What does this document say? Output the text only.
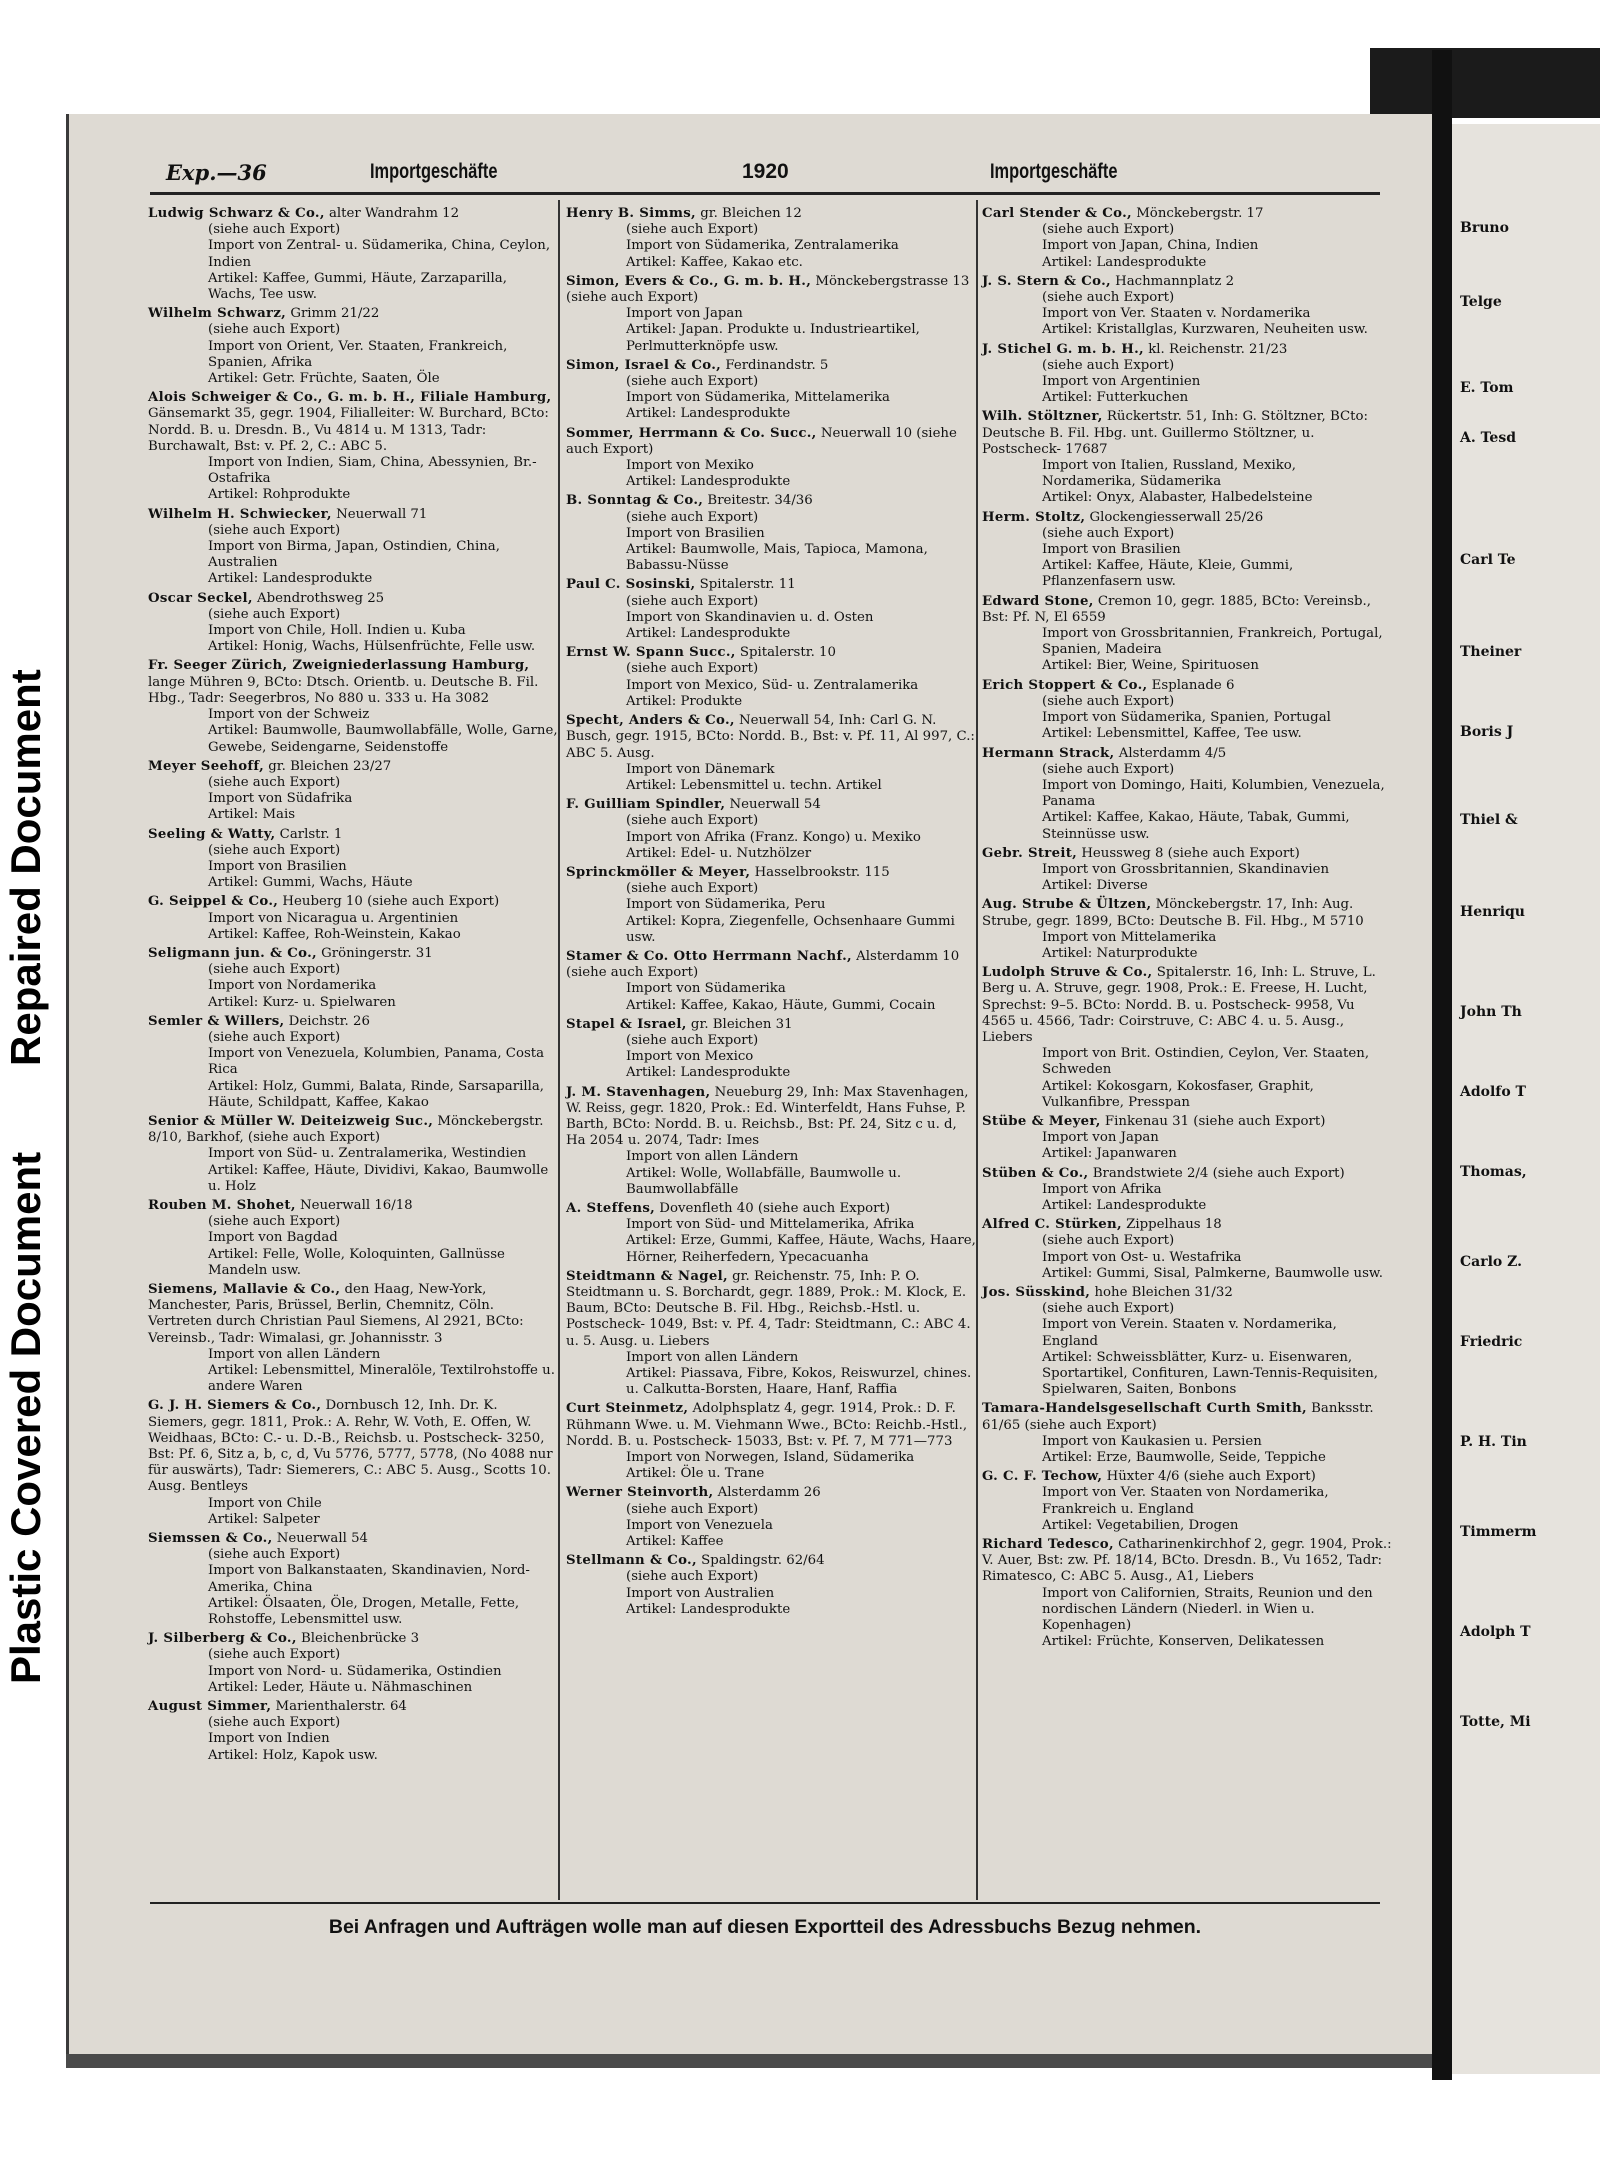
Repaired Document
Plastic Covered Document
Exp.—36	Importgeschäfte	1920	Importgeschäfte
Ludwig Schwarz & Co., alter Wandrahm 12
(siehe auch Export)
Import von Zentral- u. Südamerika, China, Ceylon, Indien
Artikel: Kaffee, Gummi, Häute, Zarzaparilla, Wachs, Tee usw.
Wilhelm Schwarz, Grimm 21/22
(siehe auch Export)
Import von Orient, Ver. Staaten, Frankreich, Spanien, Afrika
Artikel: Getr. Früchte, Saaten, Öle
Alois Schweiger & Co., G. m. b. H., Filiale Hamburg, Gänsemarkt 35, gegr. 1904, Filialleiter: W. Burchard, BCto: Nordd. B. u. Dresdn. B., Vu 4814 u. M 1313, Tadr: Burchawalt, Bst: v. Pf. 2, C.: ABC 5.
Import von Indien, Siam, China, Abessynien, Br.-Ostafrika
Artikel: Rohprodukte
Wilhelm H. Schwiecker, Neuerwall 71
(siehe auch Export)
Import von Birma, Japan, Ostindien, China, Australien
Artikel: Landesprodukte
Oscar Seckel, Abendrothsweg 25
(siehe auch Export)
Import von Chile, Holl. Indien u. Kuba
Artikel: Honig, Wachs, Hülsenfrüchte, Felle usw.
Fr. Seeger Zürich, Zweigniederlassung Hamburg, lange Mühren 9, BCto: Dtsch. Orientb. u. Deutsche B. Fil. Hbg., Tadr: Seegerbros, No 880 u. 333 u. Ha 3082
Import von der Schweiz
Artikel: Baumwolle, Baumwollabfälle, Wolle, Garne, Gewebe, Seidengarne, Seidenstoffe
Meyer Seehoff, gr. Bleichen 23/27
(siehe auch Export)
Import von Südafrika
Artikel: Mais
Seeling & Watty, Carlstr. 1
(siehe auch Export)
Import von Brasilien
Artikel: Gummi, Wachs, Häute
G. Seippel & Co., Heuberg 10 (siehe auch Export)
Import von Nicaragua u. Argentinien
Artikel: Kaffee, Roh-Weinstein, Kakao
Seligmann jun. & Co., Gröningerstr. 31
(siehe auch Export)
Import von Nordamerika
Artikel: Kurz- u. Spielwaren
Semler & Willers, Deichstr. 26
(siehe auch Export)
Import von Venezuela, Kolumbien, Panama, Costa Rica
Artikel: Holz, Gummi, Balata, Rinde, Sarsaparilla, Häute, Schildpatt, Kaffee, Kakao
Senior & Müller W. Deiteizweig Suc., Mönckebergstr. 8/10, Barkhof, (siehe auch Export)
Import von Süd- u. Zentralamerika, Westindien
Artikel: Kaffee, Häute, Dividivi, Kakao, Baumwolle u. Holz
Rouben M. Shohet, Neuerwall 16/18
(siehe auch Export)
Import von Bagdad
Artikel: Felle, Wolle, Koloquinten, Gallnüsse Mandeln usw.
Siemens, Mallavie & Co., den Haag, New-York, Manchester, Paris, Brüssel, Berlin, Chemnitz, Cöln. Vertreten durch Christian Paul Siemens, Al 2921, BCto: Vereinsb., Tadr: Wimalasi, gr. Johannisstr. 3
Import von allen Ländern
Artikel: Lebensmittel, Mineralöle, Textilrohstoffe u. andere Waren
G. J. H. Siemers & Co., Dornbusch 12, Inh. Dr. K. Siemers, gegr. 1811, Prok.: A. Rehr, W. Voth, E. Offen, W. Weidhaas, BCto: C.- u. D.-B., Reichsb. u. Postscheck- 3250, Bst: Pf. 6, Sitz a, b, c, d, Vu 5776, 5777, 5778, (No 4088 nur für auswärts), Tadr: Siemerers, C.: ABC 5. Ausg., Scotts 10. Ausg. Bentleys
Import von Chile
Artikel: Salpeter
Siemssen & Co., Neuerwall 54
(siehe auch Export)
Import von Balkanstaaten, Skandinavien, Nord-Amerika, China
Artikel: Ölsaaten, Öle, Drogen, Metalle, Fette, Rohstoffe, Lebensmittel usw.
J. Silberberg & Co., Bleichenbrücke 3
(siehe auch Export)
Import von Nord- u. Südamerika, Ostindien
Artikel: Leder, Häute u. Nähmaschinen
August Simmer, Marienthalerstr. 64
(siehe auch Export)
Import von Indien
Artikel: Holz, Kapok usw.
Henry B. Simms, gr. Bleichen 12
(siehe auch Export)
Import von Südamerika, Zentralamerika
Artikel: Kaffee, Kakao etc.
Simon, Evers & Co., G. m. b. H., Mönckebergstrasse 13 (siehe auch Export)
Import von Japan
Artikel: Japan. Produkte u. Industrieartikel, Perlmutterknöpfe usw.
Simon, Israel & Co., Ferdinandstr. 5
(siehe auch Export)
Import von Südamerika, Mittelamerika
Artikel: Landesprodukte
Sommer, Herrmann & Co. Succ., Neuerwall 10 (siehe auch Export)
Import von Mexiko
Artikel: Landesprodukte
B. Sonntag & Co., Breitestr. 34/36
(siehe auch Export)
Import von Brasilien
Artikel: Baumwolle, Mais, Tapioca, Mamona, Babassu-Nüsse
Paul C. Sosinski, Spitalerstr. 11
(siehe auch Export)
Import von Skandinavien u. d. Osten
Artikel: Landesprodukte
Ernst W. Spann Succ., Spitalerstr. 10
(siehe auch Export)
Import von Mexico, Süd- u. Zentralamerika
Artikel: Produkte
Specht, Anders & Co., Neuerwall 54, Inh: Carl G. N. Busch, gegr. 1915, BCto: Nordd. B., Bst: v. Pf. 11, Al 997, C.: ABC 5. Ausg.
Import von Dänemark
Artikel: Lebensmittel u. techn. Artikel
F. Guilliam Spindler, Neuerwall 54
(siehe auch Export)
Import von Afrika (Franz. Kongo) u. Mexiko
Artikel: Edel- u. Nutzhölzer
Sprinckmöller & Meyer, Hasselbrookstr. 115
(siehe auch Export)
Import von Südamerika, Peru
Artikel: Kopra, Ziegenfelle, Ochsenhaare Gummi usw.
Stamer & Co. Otto Herrmann Nachf., Alsterdamm 10 (siehe auch Export)
Import von Südamerika
Artikel: Kaffee, Kakao, Häute, Gummi, Cocain
Stapel & Israel, gr. Bleichen 31
(siehe auch Export)
Import von Mexico
Artikel: Landesprodukte
J. M. Stavenhagen, Neueburg 29, Inh: Max Stavenhagen, W. Reiss, gegr. 1820, Prok.: Ed. Winterfeldt, Hans Fuhse, P. Barth, BCto: Nordd. B. u. Reichsb., Bst: Pf. 24, Sitz c u. d, Ha 2054 u. 2074, Tadr: Imes
Import von allen Ländern
Artikel: Wolle, Wollabfälle, Baumwolle u. Baumwollabfälle
A. Steffens, Dovenfleth 40 (siehe auch Export)
Import von Süd- und Mittelamerika, Afrika
Artikel: Erze, Gummi, Kaffee, Häute, Wachs, Haare, Hörner, Reiherfedern, Ypecacuanha
Steidtmann & Nagel, gr. Reichenstr. 75, Inh: P. O. Steidtmann u. S. Borchardt, gegr. 1889, Prok.: M. Klock, E. Baum, BCto: Deutsche B. Fil. Hbg., Reichsb.-Hstl. u. Postscheck- 1049, Bst: v. Pf. 4, Tadr: Steidtmann, C.: ABC 4. u. 5. Ausg. u. Liebers
Import von allen Ländern
Artikel: Piassava, Fibre, Kokos, Reiswurzel, chines. u. Calkutta-Borsten, Haare, Hanf, Raffia
Curt Steinmetz, Adolphsplatz 4, gegr. 1914, Prok.: D. F. Rühmann Wwe. u. M. Viehmann Wwe., BCto: Reichb.-Hstl., Nordd. B. u. Postscheck- 15033, Bst: v. Pf. 7, M 771—773
Import von Norwegen, Island, Südamerika
Artikel: Öle u. Trane
Werner Steinvorth, Alsterdamm 26
(siehe auch Export)
Import von Venezuela
Artikel: Kaffee
Stellmann & Co., Spaldingstr. 62/64
(siehe auch Export)
Import von Australien
Artikel: Landesprodukte
Carl Stender & Co., Mönckebergstr. 17
(siehe auch Export)
Import von Japan, China, Indien
Artikel: Landesprodukte
J. S. Stern & Co., Hachmannplatz 2
(siehe auch Export)
Import von Ver. Staaten v. Nordamerika
Artikel: Kristallglas, Kurzwaren, Neuheiten usw.
J. Stichel G. m. b. H., kl. Reichenstr. 21/23
(siehe auch Export)
Import von Argentinien
Artikel: Futterkuchen
Wilh. Stöltzner, Rückertstr. 51, Inh: G. Stöltzner, BCto: Deutsche B. Fil. Hbg. unt. Guillermo Stöltzner, u. Postscheck- 17687
Import von Italien, Russland, Mexiko, Nordamerika, Südamerika
Artikel: Onyx, Alabaster, Halbedelsteine
Herm. Stoltz, Glockengiesserwall 25/26
(siehe auch Export)
Import von Brasilien
Artikel: Kaffee, Häute, Kleie, Gummi, Pflanzenfasern usw.
Edward Stone, Cremon 10, gegr. 1885, BCto: Vereinsb., Bst: Pf. N, El 6559
Import von Grossbritannien, Frankreich, Portugal, Spanien, Madeira
Artikel: Bier, Weine, Spirituosen
Erich Stoppert & Co., Esplanade 6
(siehe auch Export)
Import von Südamerika, Spanien, Portugal
Artikel: Lebensmittel, Kaffee, Tee usw.
Hermann Strack, Alsterdamm 4/5
(siehe auch Export)
Import von Domingo, Haiti, Kolumbien, Venezuela, Panama
Artikel: Kaffee, Kakao, Häute, Tabak, Gummi, Steinnüsse usw.
Gebr. Streit, Heussweg 8 (siehe auch Export)
Import von Grossbritannien, Skandinavien
Artikel: Diverse
Aug. Strube & Ültzen, Mönckebergstr. 17, Inh: Aug. Strube, gegr. 1899, BCto: Deutsche B. Fil. Hbg., M 5710
Import von Mittelamerika
Artikel: Naturprodukte
Ludolph Struve & Co., Spitalerstr. 16, Inh: L. Struve, L. Berg u. A. Struve, gegr. 1908, Prok.: E. Freese, H. Lucht, Sprechst: 9–5. BCto: Nordd. B. u. Postscheck- 9958, Vu 4565 u. 4566, Tadr: Coirstruve, C: ABC 4. u. 5. Ausg., Liebers
Import von Brit. Ostindien, Ceylon, Ver. Staaten, Schweden
Artikel: Kokosgarn, Kokosfaser, Graphit, Vulkanfibre, Presspan
Stübe & Meyer, Finkenau 31 (siehe auch Export)
Import von Japan
Artikel: Japanwaren
Stüben & Co., Brandstwiete 2/4 (siehe auch Export)
Import von Afrika
Artikel: Landesprodukte
Alfred C. Stürken, Zippelhaus 18
(siehe auch Export)
Import von Ost- u. Westafrika
Artikel: Gummi, Sisal, Palmkerne, Baumwolle usw.
Jos. Süsskind, hohe Bleichen 31/32
(siehe auch Export)
Import von Verein. Staaten v. Nordamerika, England
Artikel: Schweissblätter, Kurz- u. Eisenwaren, Sportartikel, Confituren, Lawn-Tennis-Requisiten, Spielwaren, Saiten, Bonbons
Tamara-Handelsgesellschaft Curth Smith, Banksstr. 61/65 (siehe auch Export)
Import von Kaukasien u. Persien
Artikel: Erze, Baumwolle, Seide, Teppiche
G. C. F. Techow, Hüxter 4/6 (siehe auch Export)
Import von Ver. Staaten von Nordamerika, Frankreich u. England
Artikel: Vegetabilien, Drogen
Richard Tedesco, Catharinenkirchhof 2, gegr. 1904, Prok.: V. Auer, Bst: zw. Pf. 18/14, BCto. Dresdn. B., Vu 1652, Tadr: Rimatesco, C: ABC 5. Ausg., A1, Liebers
Import von Californien, Straits, Reunion und den nordischen Ländern (Niederl. in Wien u. Kopenhagen)
Artikel: Früchte, Konserven, Delikatessen
Bei Anfragen und Aufträgen wolle man auf diesen Exportteil des Adressbuchs Bezug nehmen.
Bruno
Telge
E. Tom
A. Tesd
Carl Te
Theiner
Boris J
Thiel &
Henriqu
John Th
Adolfo T
Thomas,
Carlo Z.
Friedric
P. H. Tin
Timmerm
Adolph T
Totte, Mi
